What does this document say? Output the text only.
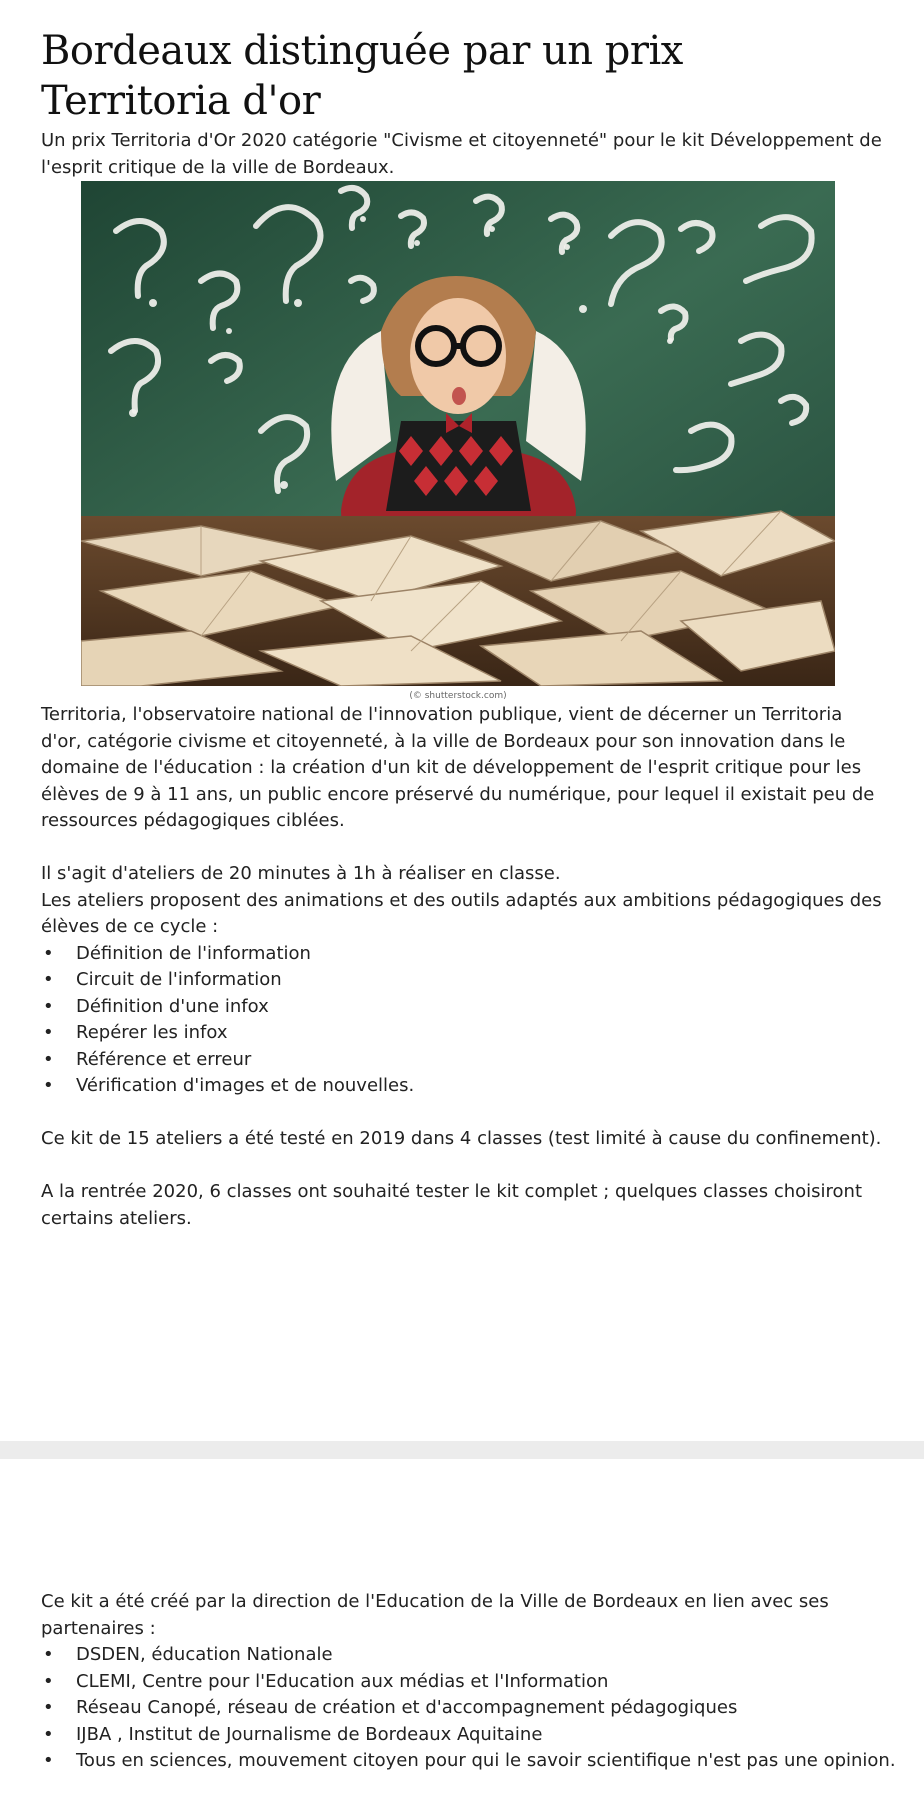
Bordeaux distinguée par un prix Territoria d'or

Un prix Territoria d'Or 2020 catégorie "Civisme et citoyenneté" pour le kit Développement de l'esprit critique de la ville de Bordeaux.

(© shutterstock.com)

Territoria, l'observatoire national de l'innovation publique, vient de décerner un Territoria d'or, catégorie civisme et citoyenneté, à la ville de Bordeaux pour son innovation dans le domaine de l'éducation : la création d'un kit de développement de l'esprit critique pour les élèves de 9 à 11 ans, un public encore préservé du numérique, pour lequel il existait peu de ressources pédagogiques ciblées.

Il s'agit d'ateliers de 20 minutes à 1h à réaliser en classe.

Les ateliers proposent des animations et des outils adaptés aux ambitions pédagogiques des élèves de ce cycle :

• Définition de l'information
• Circuit de l'information
• Définition d'une infox
• Repérer les infox
• Référence et erreur
• Vérification d'images et de nouvelles.

Ce kit de 15 ateliers a été testé en 2019 dans 4 classes (test limité à cause du confinement).

A la rentrée 2020, 6 classes ont souhaité tester le kit complet ; quelques classes choisiront certains ateliers.

Ce kit a été créé par la direction de l'Education de la Ville de Bordeaux en lien avec ses partenaires :

• DSDEN, éducation Nationale
• CLEMI, Centre pour l'Education aux médias et l'Information
• Réseau Canopé, réseau de création et d'accompagnement pédagogiques
• IJBA , Institut de Journalisme de Bordeaux Aquitaine
• Tous en sciences, mouvement citoyen pour qui le savoir scientifique n'est pas une opinion.
